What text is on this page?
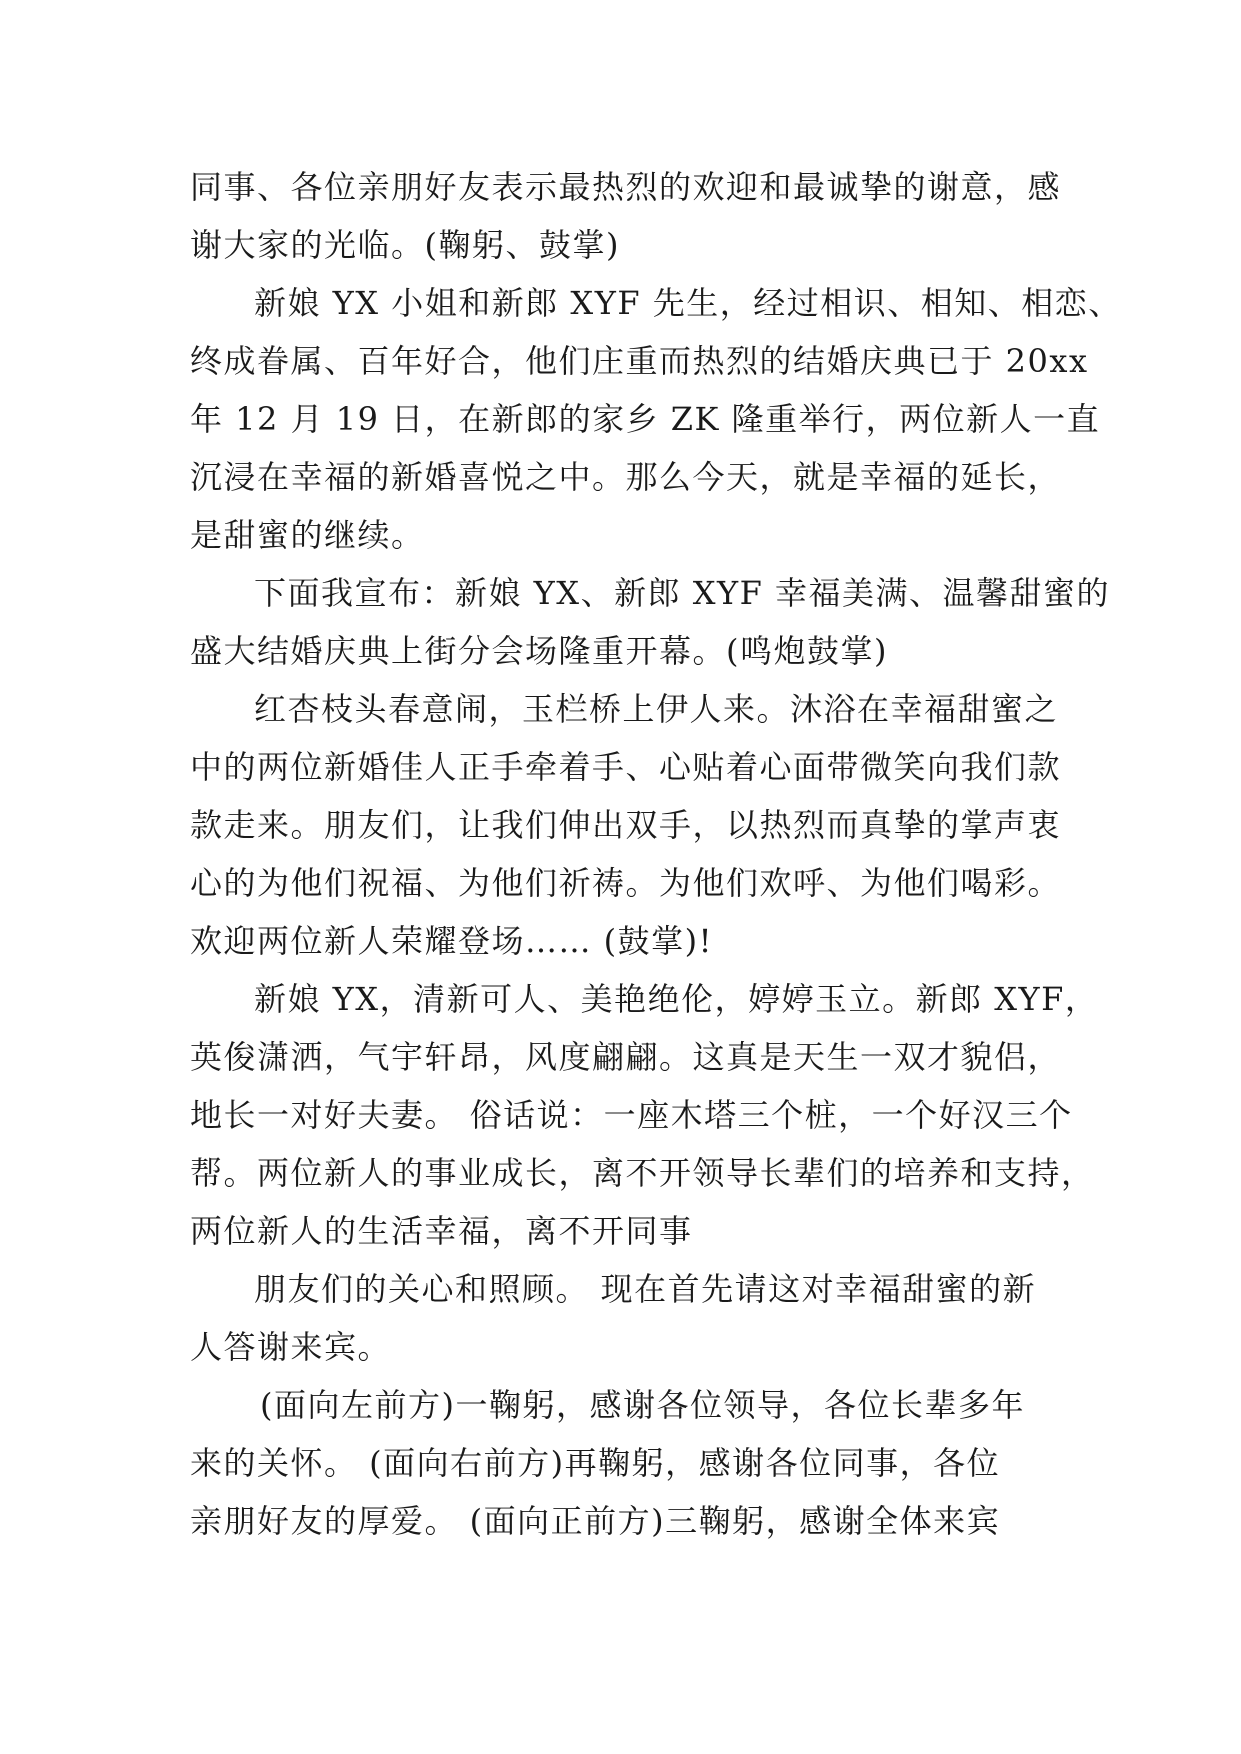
同事、各位亲朋好友表示最热烈的欢迎和最诚挚的谢意，感
谢大家的光临。(鞠躬、鼓掌)
新娘 YX 小姐和新郎 XYF 先生，经过相识、相知、相恋、
终成眷属、百年好合，他们庄重而热烈的结婚庆典已于 20xx
年 12 月 19 日，在新郎的家乡 ZK 隆重举行，两位新人一直
沉浸在幸福的新婚喜悦之中。那么今天，就是幸福的延长，
是甜蜜的继续。
下面我宣布：新娘 YX、新郎 XYF 幸福美满、温馨甜蜜的
盛大结婚庆典上街分会场隆重开幕。(鸣炮鼓掌)
红杏枝头春意闹，玉栏桥上伊人来。沐浴在幸福甜蜜之
中的两位新婚佳人正手牵着手、心贴着心面带微笑向我们款
款走来。朋友们，让我们伸出双手，以热烈而真挚的掌声衷
心的为他们祝福、为他们祈祷。为他们欢呼、为他们喝彩。
欢迎两位新人荣耀登场…… (鼓掌)!
新娘 YX，清新可人、美艳绝伦，婷婷玉立。新郎 XYF，
英俊潇洒，气宇轩昂，风度翩翩。这真是天生一双才貌侣，
地长一对好夫妻。 俗话说：一座木塔三个桩，一个好汉三个
帮。两位新人的事业成长，离不开领导长辈们的培养和支持，
两位新人的生活幸福，离不开同事
朋友们的关心和照顾。 现在首先请这对幸福甜蜜的新
人答谢来宾。
(面向左前方)一鞠躬，感谢各位领导，各位长辈多年
来的关怀。 (面向右前方)再鞠躬，感谢各位同事，各位
亲朋好友的厚爱。 (面向正前方)三鞠躬，感谢全体来宾
